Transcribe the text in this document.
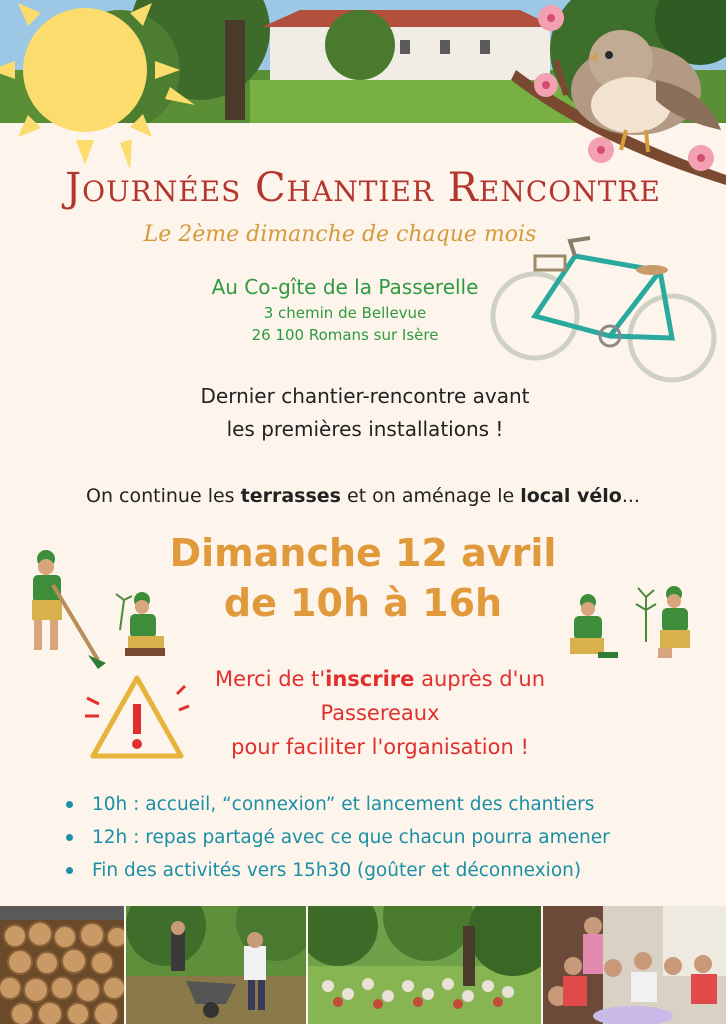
Journées Chantier Rencontre
Le 2ème dimanche de chaque mois
Au Co-gîte de la Passerelle
3 chemin de Bellevue
26 100 Romans sur Isère
Dernier chantier-rencontre avant
les premières installations !
On continue les terrasses et on aménage le local vélo...
Dimanche 12 avril
de 10h à 16h
Merci de t'inscrire auprès d'un
Passereaux
pour faciliter l'organisation !
10h : accueil, “connexion” et lancement des chantiers
12h : repas partagé avec ce que chacun pourra amener
Fin des activités vers 15h30 (goûter et déconnexion)
